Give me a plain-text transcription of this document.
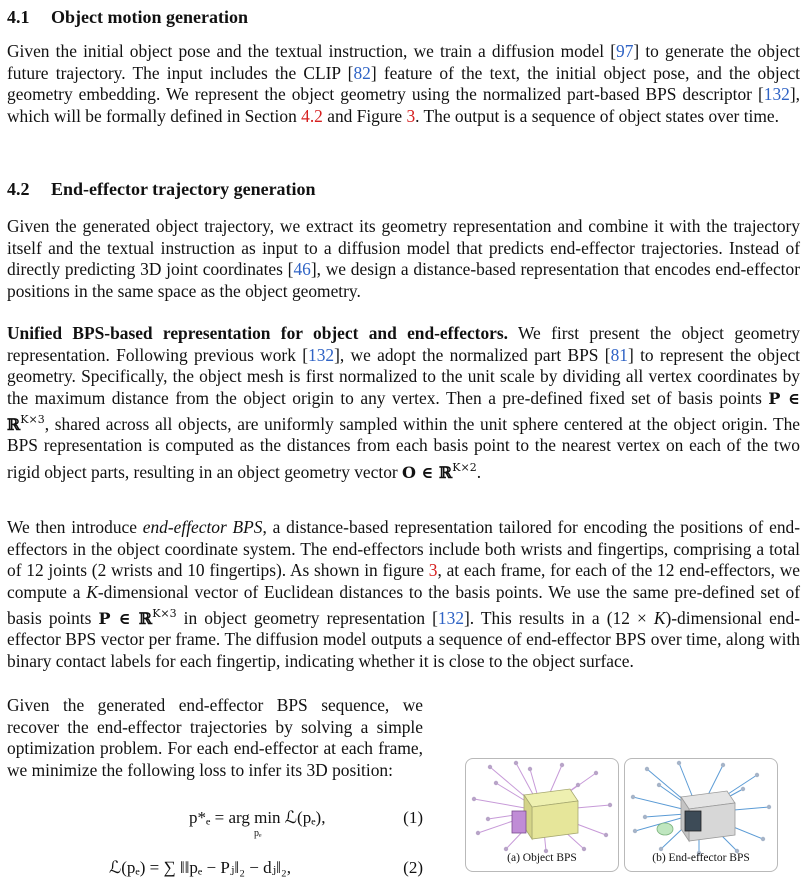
4.1 Object motion generation

Given the initial object pose and the textual instruction, we train a diffusion model [97] to generate the object future trajectory. The input includes the CLIP [82] feature of the text, the initial object pose, and the object geometry embedding. We represent the object geometry using the normalized part-based BPS descriptor [132], which will be formally defined in Section 4.2 and Figure 3. The output is a sequence of object states over time.

4.2 End-effector trajectory generation

Given the generated object trajectory, we extract its geometry representation and combine it with the trajectory itself and the textual instruction as input to a diffusion model that predicts end-effector trajectories. Instead of directly predicting 3D joint coordinates [46], we design a distance-based representation that encodes end-effector positions in the same space as the object geometry.

Unified BPS-based representation for object and end-effectors. We first present the object geometry representation. Following previous work [132], we adopt the normalized part BPS [81] to represent the object geometry. Specifically, the object mesh is first normalized to the unit scale by dividing all vertex coordinates by the maximum distance from the object origin to any vertex. Then a pre-defined fixed set of basis points P ∈ ℝ$^{K\times 3}$, shared across all objects, are uniformly sampled within the unit sphere centered at the object origin. The BPS representation is computed as the distances from each basis point to the nearest vertex on each of the two rigid object parts, resulting in an object geometry vector O ∈ ℝ$^{K\times 2}$.

We then introduce end-effector BPS, a distance-based representation tailored for encoding the positions of end-effectors in the object coordinate system. The end-effectors include both wrists and fingertips, comprising a total of 12 joints (2 wrists and 10 fingertips). As shown in figure 3, at each frame, for each of the 12 end-effectors, we compute a K-dimensional vector of Euclidean distances to the basis points. We use the same pre-defined set of basis points P ∈ ℝ$^{K\times 3}$ in object geometry representation [132]. This results in a (12 × K)-dimensional end-effector BPS vector per frame. The diffusion model outputs a sequence of end-effector BPS over time, along with binary contact labels for each fingertip, indicating whether it is close to the object surface.

Given the generated end-effector BPS sequence, we recover the end-effector trajectories by solving a simple optimization problem. For each end-effector at each frame, we minimize the following loss to infer its 3D position:

p*ₑ = arg min ℒ(pₑ),
pₑ
(1)
ℒ(pₑ) = ∑ ‖‖pₑ − Pⱼ‖₂ − dⱼ‖₂,	(2)	(a) Object BPS	(b) End-effector BPS
